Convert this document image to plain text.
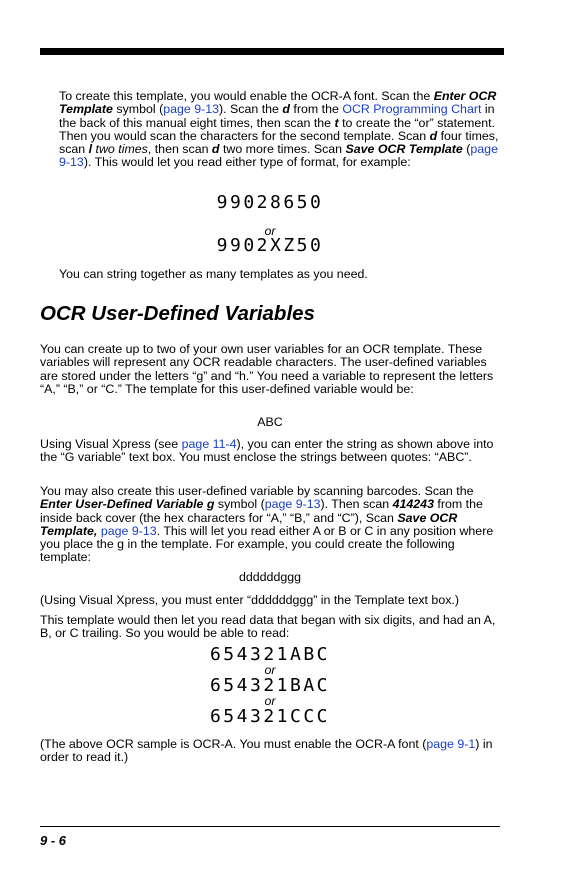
To create this template, you would enable the OCR-A font. Scan the Enter OCR Template symbol (page 9-13). Scan the d from the OCR Programming Chart in the back of this manual eight times, then scan the t to create the “or” statement. Then you would scan the characters for the second template. Scan d four times, scan l two times, then scan d two more times. Scan Save OCR Template (page 9-13). This would let you read either type of format, for example:

99028650
or
9902XZ50

You can string together as many templates as you need.

OCR User-Defined Variables

You can create up to two of your own user variables for an OCR template. These variables will represent any OCR readable characters. The user-defined variables are stored under the letters “g” and “h.” You need a variable to represent the letters “A,” “B,” or “C.” The template for this user-defined variable would be:

ABC

Using Visual Xpress (see page 11-4), you can enter the string as shown above into the “G variable” text box. You must enclose the strings between quotes: “ABC”.

You may also create this user-defined variable by scanning barcodes. Scan the Enter User-Defined Variable g symbol (page 9-13). Then scan 414243 from the inside back cover (the hex characters for “A,” “B,” and “C”), Scan Save OCR Template, page 9-13. This will let you read either A or B or C in any position where you place the g in the template. For example, you could create the following template:

ddddddggg

(Using Visual Xpress, you must enter “ddddddggg” in the Template text box.)

This template would then let you read data that began with six digits, and had an A, B, or C trailing. So you would be able to read:

654321ABC
or
654321BAC
or
654321CCC

(The above OCR sample is OCR-A. You must enable the OCR-A font (page 9-1) in order to read it.)

9 - 6
